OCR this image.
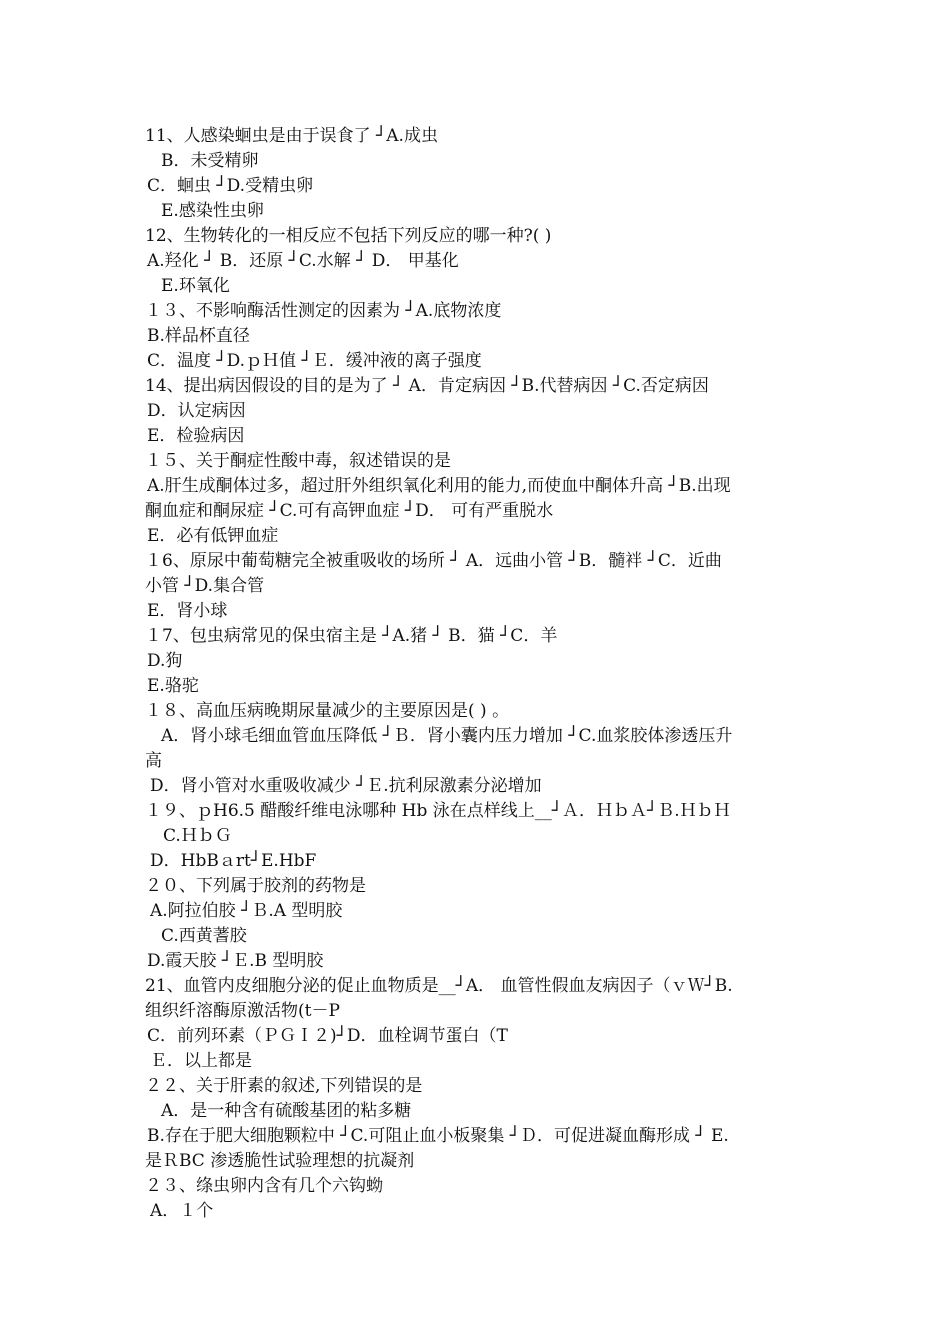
11、人感染蛔虫是由于误食了 ┘A.成虫
B．未受精卵
C．蛔虫 ┘D.受精虫卵
E.感染性虫卵
12、生物转化的一相反应不包括下列反应的哪一种?( )
A.羟化 ┘ B．还原 ┘C.水解 ┘ D． 甲基化
E.环氧化
１３、不影响酶活性测定的因素为 ┘A.底物浓度
B.样品杯直径
C．温度 ┘D.ｐＨ值 ┘Ｅ．缓冲液的离子强度
14、提出病因假设的目的是为了 ┘ A．肯定病因 ┘B.代替病因 ┘C.否定病因
D．认定病因
E．检验病因
１５、关于酮症性酸中毒，叙述错误的是
A.肝生成酮体过多，超过肝外组织氧化利用的能力,而使血中酮体升高 ┘B.出现
酮血症和酮尿症 ┘C.可有高钾血症 ┘D． 可有严重脱水
E．必有低钾血症
１6、原尿中葡萄糖完全被重吸收的场所 ┘ A．远曲小管 ┘B．髓袢 ┘C．近曲
小管 ┘D.集合管
E．肾小球
１7、包虫病常见的保虫宿主是 ┘A.猪 ┘ B．猫 ┘C．羊
D.狗
E.骆驼
１８、高血压病晚期尿量减少的主要原因是( ) 。
A．肾小球毛细血管血压降低 ┘Ｂ．肾小囊内压力增加 ┘C.血浆胶体渗透压升
高
D．肾小管对水重吸收减少 ┘Ｅ.抗利尿激素分泌增加
１９、ｐH6.5 醋酸纤维电泳哪种 Hb 泳在点样线上__┘Ａ．ＨｂＡ┘Ｂ.ＨｂＨ
C.ＨｂＧ
D．HbBａrt┘E.HbF
２０、下列属于胶剂的药物是
A.阿拉伯胶 ┘Ｂ.A 型明胶
C.西黄蓍胶
D.霞天胶 ┘Ｅ.B 型明胶
21、血管内皮细胞分泌的促止血物质是__┘A． 血管性假血友病因子（ｖＷ┘B.
组织纤溶酶原激活物(t－P
C．前列环素（ＰＧＩ２)┘D．血栓调节蛋白（T
Ｅ．以上都是
２２、关于肝素的叙述,下列错误的是
A．是一种含有硫酸基团的粘多糖
B.存在于肥大细胞颗粒中 ┘C.可阻止血小板聚集 ┘Ｄ．可促进凝血酶形成 ┘ E.
是ＲBC 渗透脆性试验理想的抗凝剂
２３、绦虫卵内含有几个六钩蚴
A．１个
